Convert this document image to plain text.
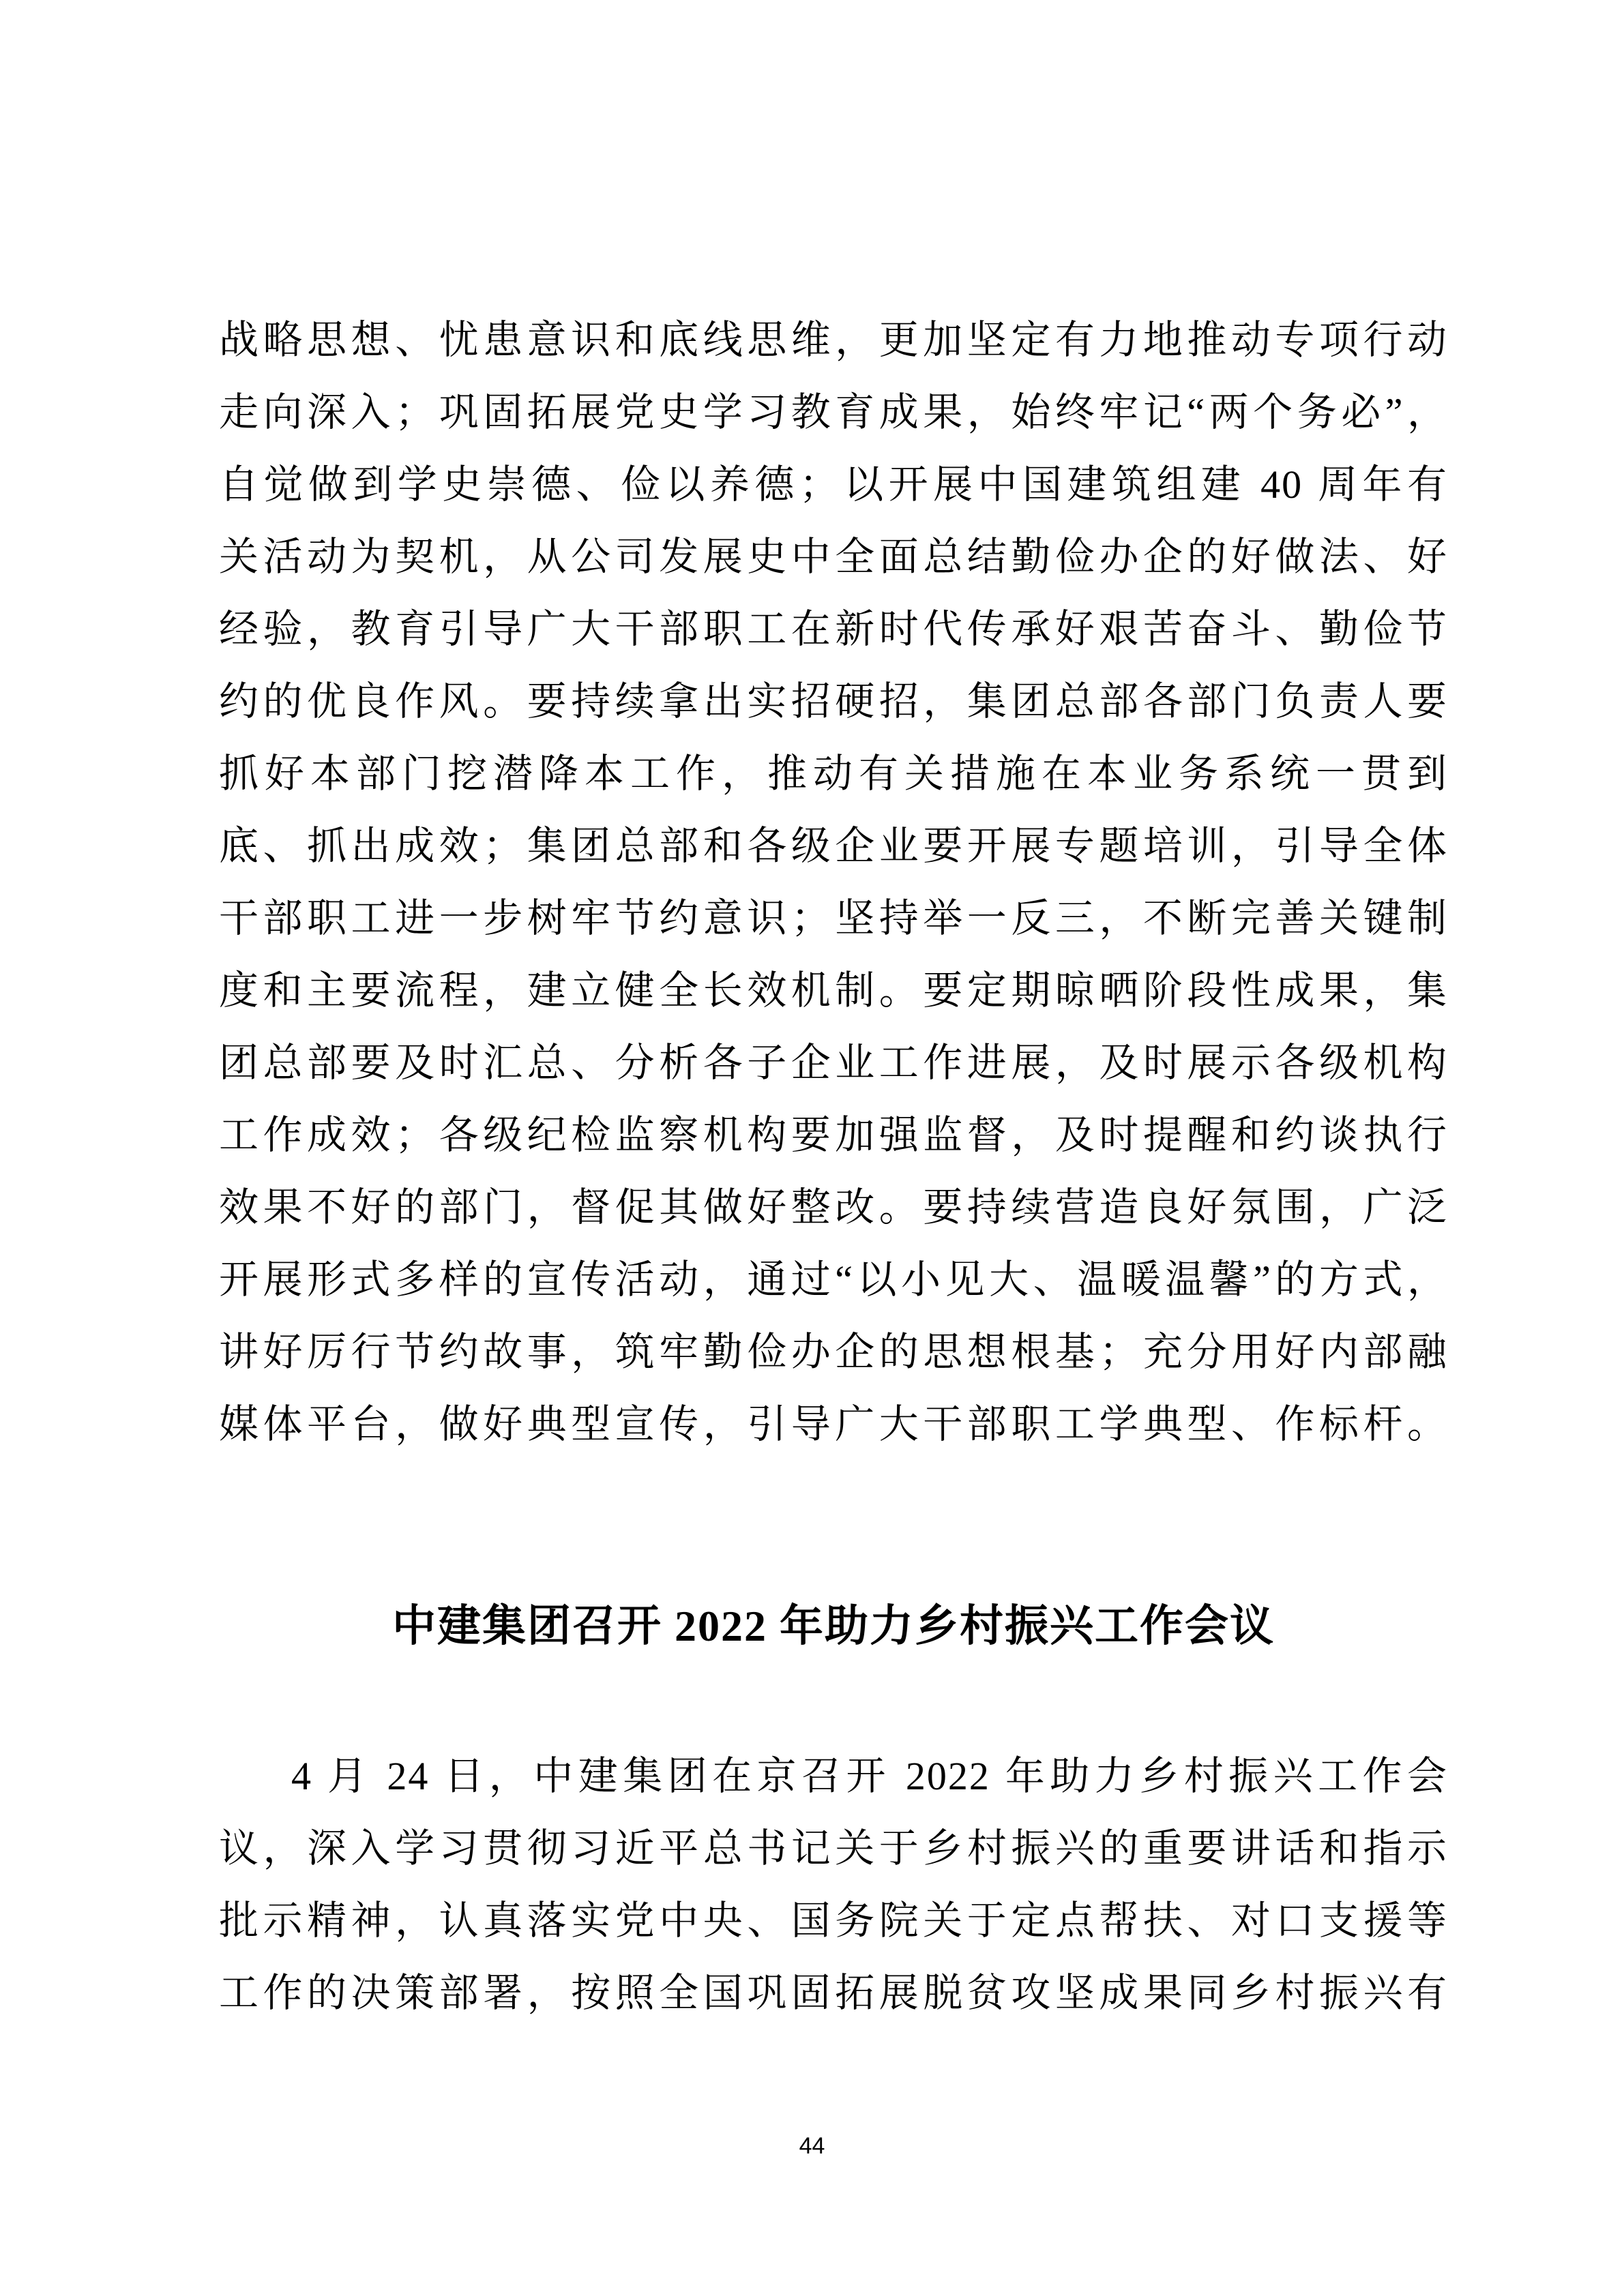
战略思想、忧患意识和底线思维，更加坚定有力地推动专项行动
走向深入；巩固拓展党史学习教育成果，始终牢记“两个务必”，
自觉做到学史崇德、俭以养德；以开展中国建筑组建 40 周年有
关活动为契机，从公司发展史中全面总结勤俭办企的好做法、好
经验，教育引导广大干部职工在新时代传承好艰苦奋斗、勤俭节
约的优良作风。要持续拿出实招硬招，集团总部各部门负责人要
抓好本部门挖潜降本工作，推动有关措施在本业务系统一贯到
底、抓出成效；集团总部和各级企业要开展专题培训，引导全体
干部职工进一步树牢节约意识；坚持举一反三，不断完善关键制
度和主要流程，建立健全长效机制。要定期晾晒阶段性成果，集
团总部要及时汇总、分析各子企业工作进展，及时展示各级机构
工作成效；各级纪检监察机构要加强监督，及时提醒和约谈执行
效果不好的部门，督促其做好整改。要持续营造良好氛围，广泛
开展形式多样的宣传活动，通过“以小见大、温暖温馨”的方式，
讲好厉行节约故事，筑牢勤俭办企的思想根基；充分用好内部融
媒体平台，做好典型宣传，引导广大干部职工学典型、作标杆。
中建集团召开 2022 年助力乡村振兴工作会议
4 月 24 日，中建集团在京召开 2022 年助力乡村振兴工作会
议，深入学习贯彻习近平总书记关于乡村振兴的重要讲话和指示
批示精神，认真落实党中央、国务院关于定点帮扶、对口支援等
工作的决策部署，按照全国巩固拓展脱贫攻坚成果同乡村振兴有
44
